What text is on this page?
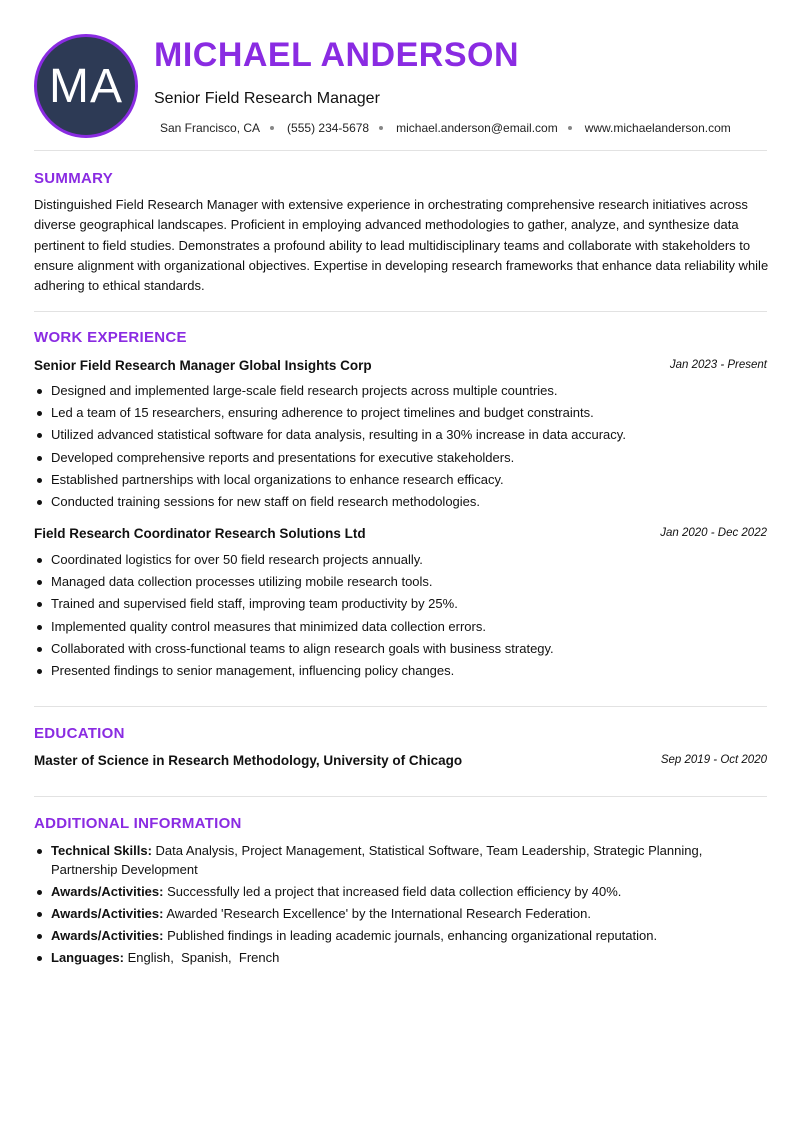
MA
MICHAEL ANDERSON
Senior Field Research Manager
San Francisco, CA (555) 234-5678 michael.anderson@email.com www.michaelanderson.com
SUMMARY
Distinguished Field Research Manager with extensive experience in orchestrating comprehensive research initiatives across diverse geographical landscapes. Proficient in employing advanced methodologies to gather, analyze, and synthesize data pertinent to field studies. Demonstrates a profound ability to lead multidisciplinary teams and collaborate with stakeholders to ensure alignment with organizational objectives. Expertise in developing research frameworks that enhance data reliability while adhering to ethical standards.
WORK EXPERIENCE
Senior Field Research Manager Global Insights Corp	Jan 2023 - Present
Designed and implemented large-scale field research projects across multiple countries.
Led a team of 15 researchers, ensuring adherence to project timelines and budget constraints.
Utilized advanced statistical software for data analysis, resulting in a 30% increase in data accuracy.
Developed comprehensive reports and presentations for executive stakeholders.
Established partnerships with local organizations to enhance research efficacy.
Conducted training sessions for new staff on field research methodologies.
Field Research Coordinator Research Solutions Ltd	Jan 2020 - Dec 2022
Coordinated logistics for over 50 field research projects annually.
Managed data collection processes utilizing mobile research tools.
Trained and supervised field staff, improving team productivity by 25%.
Implemented quality control measures that minimized data collection errors.
Collaborated with cross-functional teams to align research goals with business strategy.
Presented findings to senior management, influencing policy changes.
EDUCATION
Master of Science in Research Methodology, University of Chicago	Sep 2019 - Oct 2020
ADDITIONAL INFORMATION
Technical Skills: Data Analysis, Project Management, Statistical Software, Team Leadership, Strategic Planning, Partnership Development
Awards/Activities: Successfully led a project that increased field data collection efficiency by 40%.
Awards/Activities: Awarded 'Research Excellence' by the International Research Federation.
Awards/Activities: Published findings in leading academic journals, enhancing organizational reputation.
Languages: English,  Spanish,  French
